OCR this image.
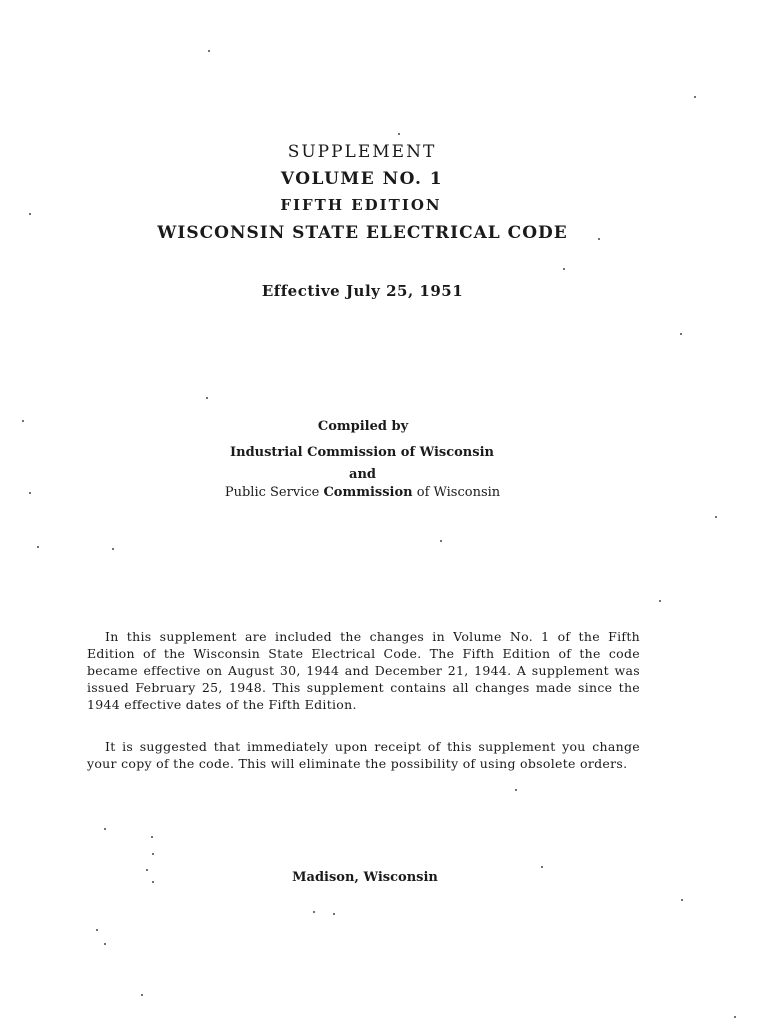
SUPPLEMENT
VOLUME NO. 1
FIFTH EDITION
WISCONSIN STATE ELECTRICAL CODE
Effective July 25, 1951
Compiled by
Industrial Commission of Wisconsin
and
Public Service Commission of Wisconsin

In this supplement are included the changes in Volume No. 1 of the Fifth Edition of the Wisconsin State Electrical Code. The Fifth Edition of the code became effective on August 30, 1944 and December 21, 1944. A supplement was issued February 25, 1948. This supplement contains all changes made since the 1944 effective dates of the Fifth Edition.

It is suggested that immediately upon receipt of this supplement you change your copy of the code. This will eliminate the possibility of using obsolete orders.

Madison, Wisconsin
